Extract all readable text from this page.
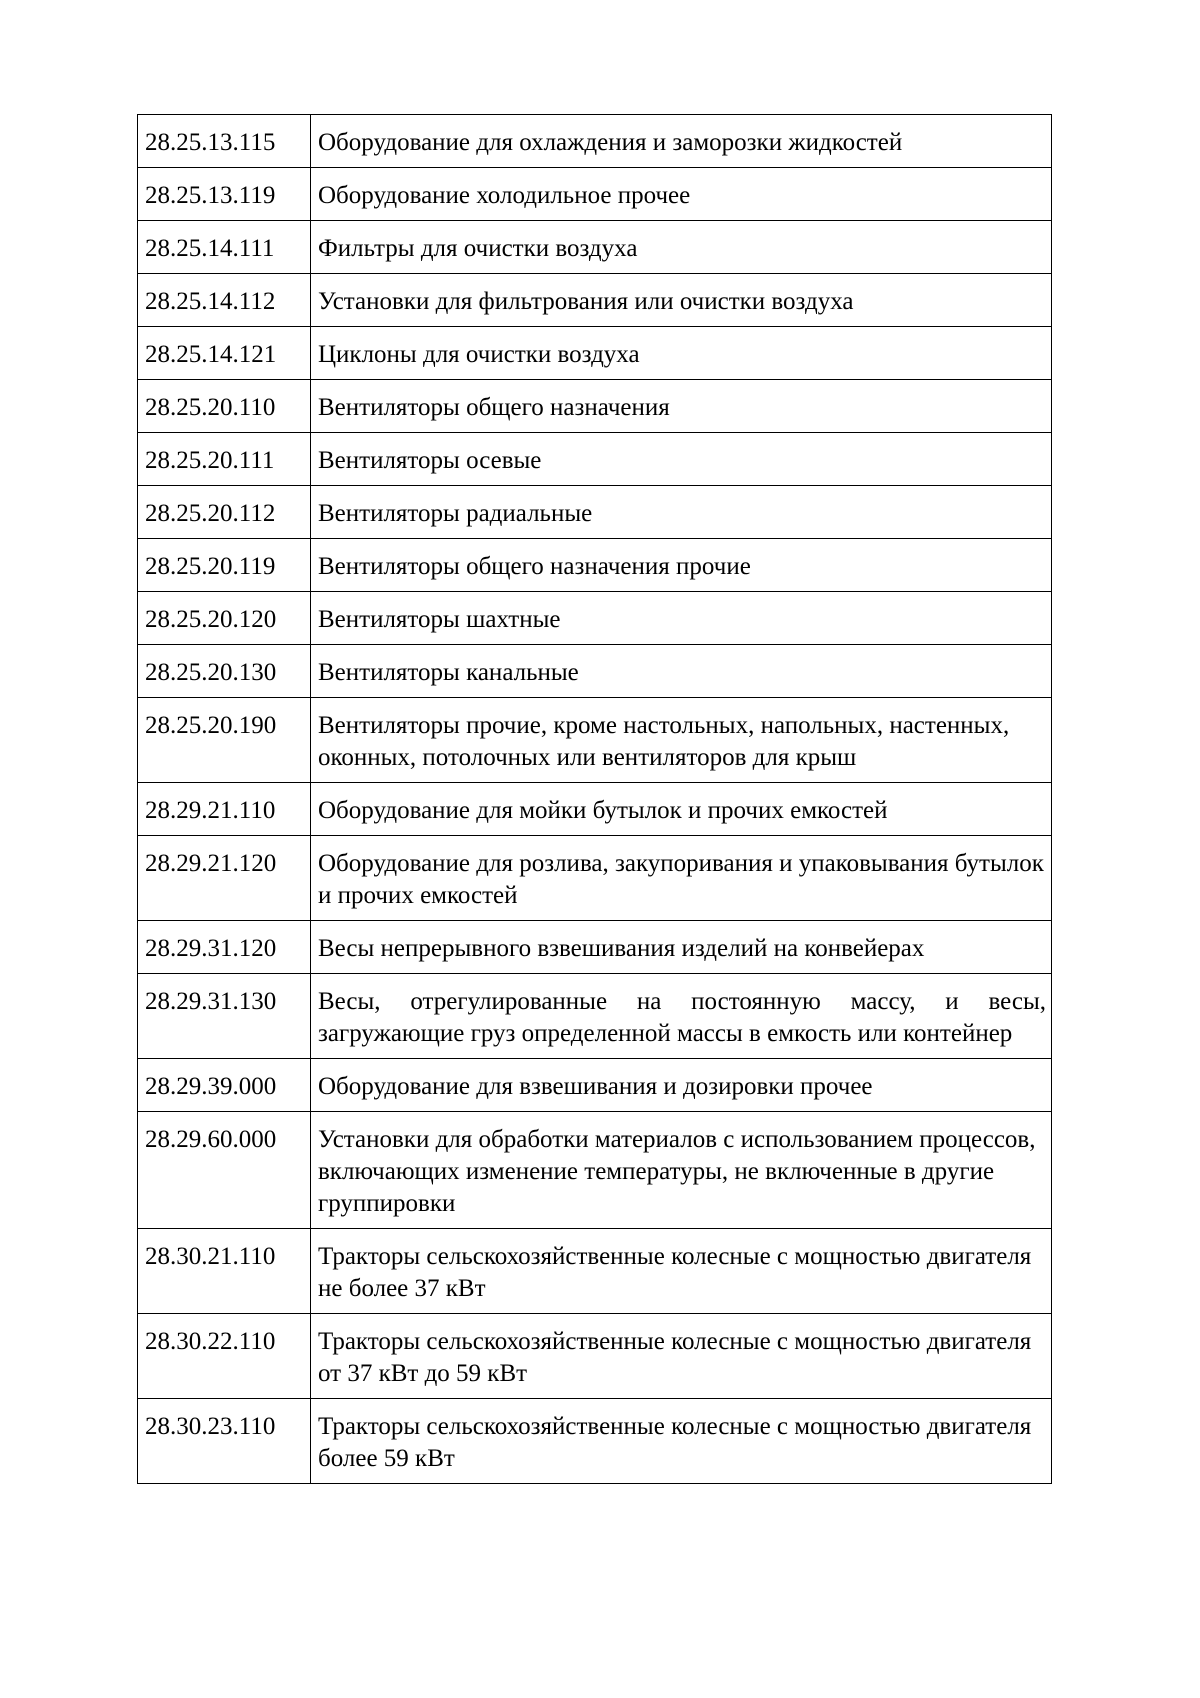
28.25.13.115	Оборудование для охлаждения и заморозки жидкостей
28.25.13.119	Оборудование холодильное прочее
28.25.14.111	Фильтры для очистки воздуха
28.25.14.112	Установки для фильтрования или очистки воздуха
28.25.14.121	Циклоны для очистки воздуха
28.25.20.110	Вентиляторы общего назначения
28.25.20.111	Вентиляторы осевые
28.25.20.112	Вентиляторы радиальные
28.25.20.119	Вентиляторы общего назначения прочие
28.25.20.120	Вентиляторы шахтные
28.25.20.130	Вентиляторы канальные
28.25.20.190	Вентиляторы прочие, кроме настольных, напольных, настенных, оконных, потолочных или вентиляторов для крыш
28.29.21.110	Оборудование для мойки бутылок и прочих емкостей
28.29.21.120	Оборудование для розлива, закупоривания и упаковывания бутылок и прочих емкостей
28.29.31.120	Весы непрерывного взвешивания изделий на конвейерах
28.29.31.130	Весы, отрегулированные на постоянную массу, и весы, загружающие груз определенной массы в емкость или контейнер
28.29.39.000	Оборудование для взвешивания и дозировки прочее
28.29.60.000	Установки для обработки материалов с использованием процессов, включающих изменение температуры, не включенные в другие группировки
28.30.21.110	Тракторы сельскохозяйственные колесные с мощностью двигателя не более 37 кВт
28.30.22.110	Тракторы сельскохозяйственные колесные с мощностью двигателя от 37 кВт до 59 кВт
28.30.23.110	Тракторы сельскохозяйственные колесные с мощностью двигателя более 59 кВт
